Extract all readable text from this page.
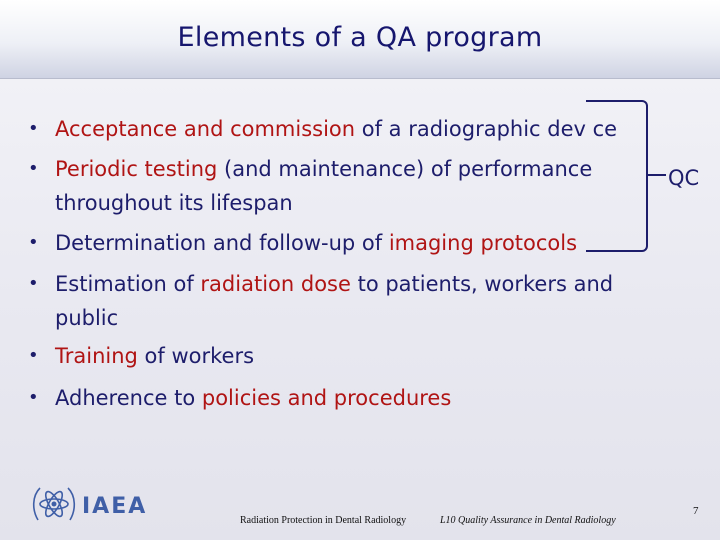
Elements of a QA program
• Acceptance and commission of a radiographic dev ce
• Periodic testing (and maintenance) of performance
throughout its lifespan
• Determination and follow-up of imaging protocols
• Estimation of radiation dose to patients, workers and
public
• Training of workers
• Adherence to policies and procedures
QC
IAEA
Radiation Protection in Dental Radiology	L10 Quality Assurance in Dental Radiology
7
